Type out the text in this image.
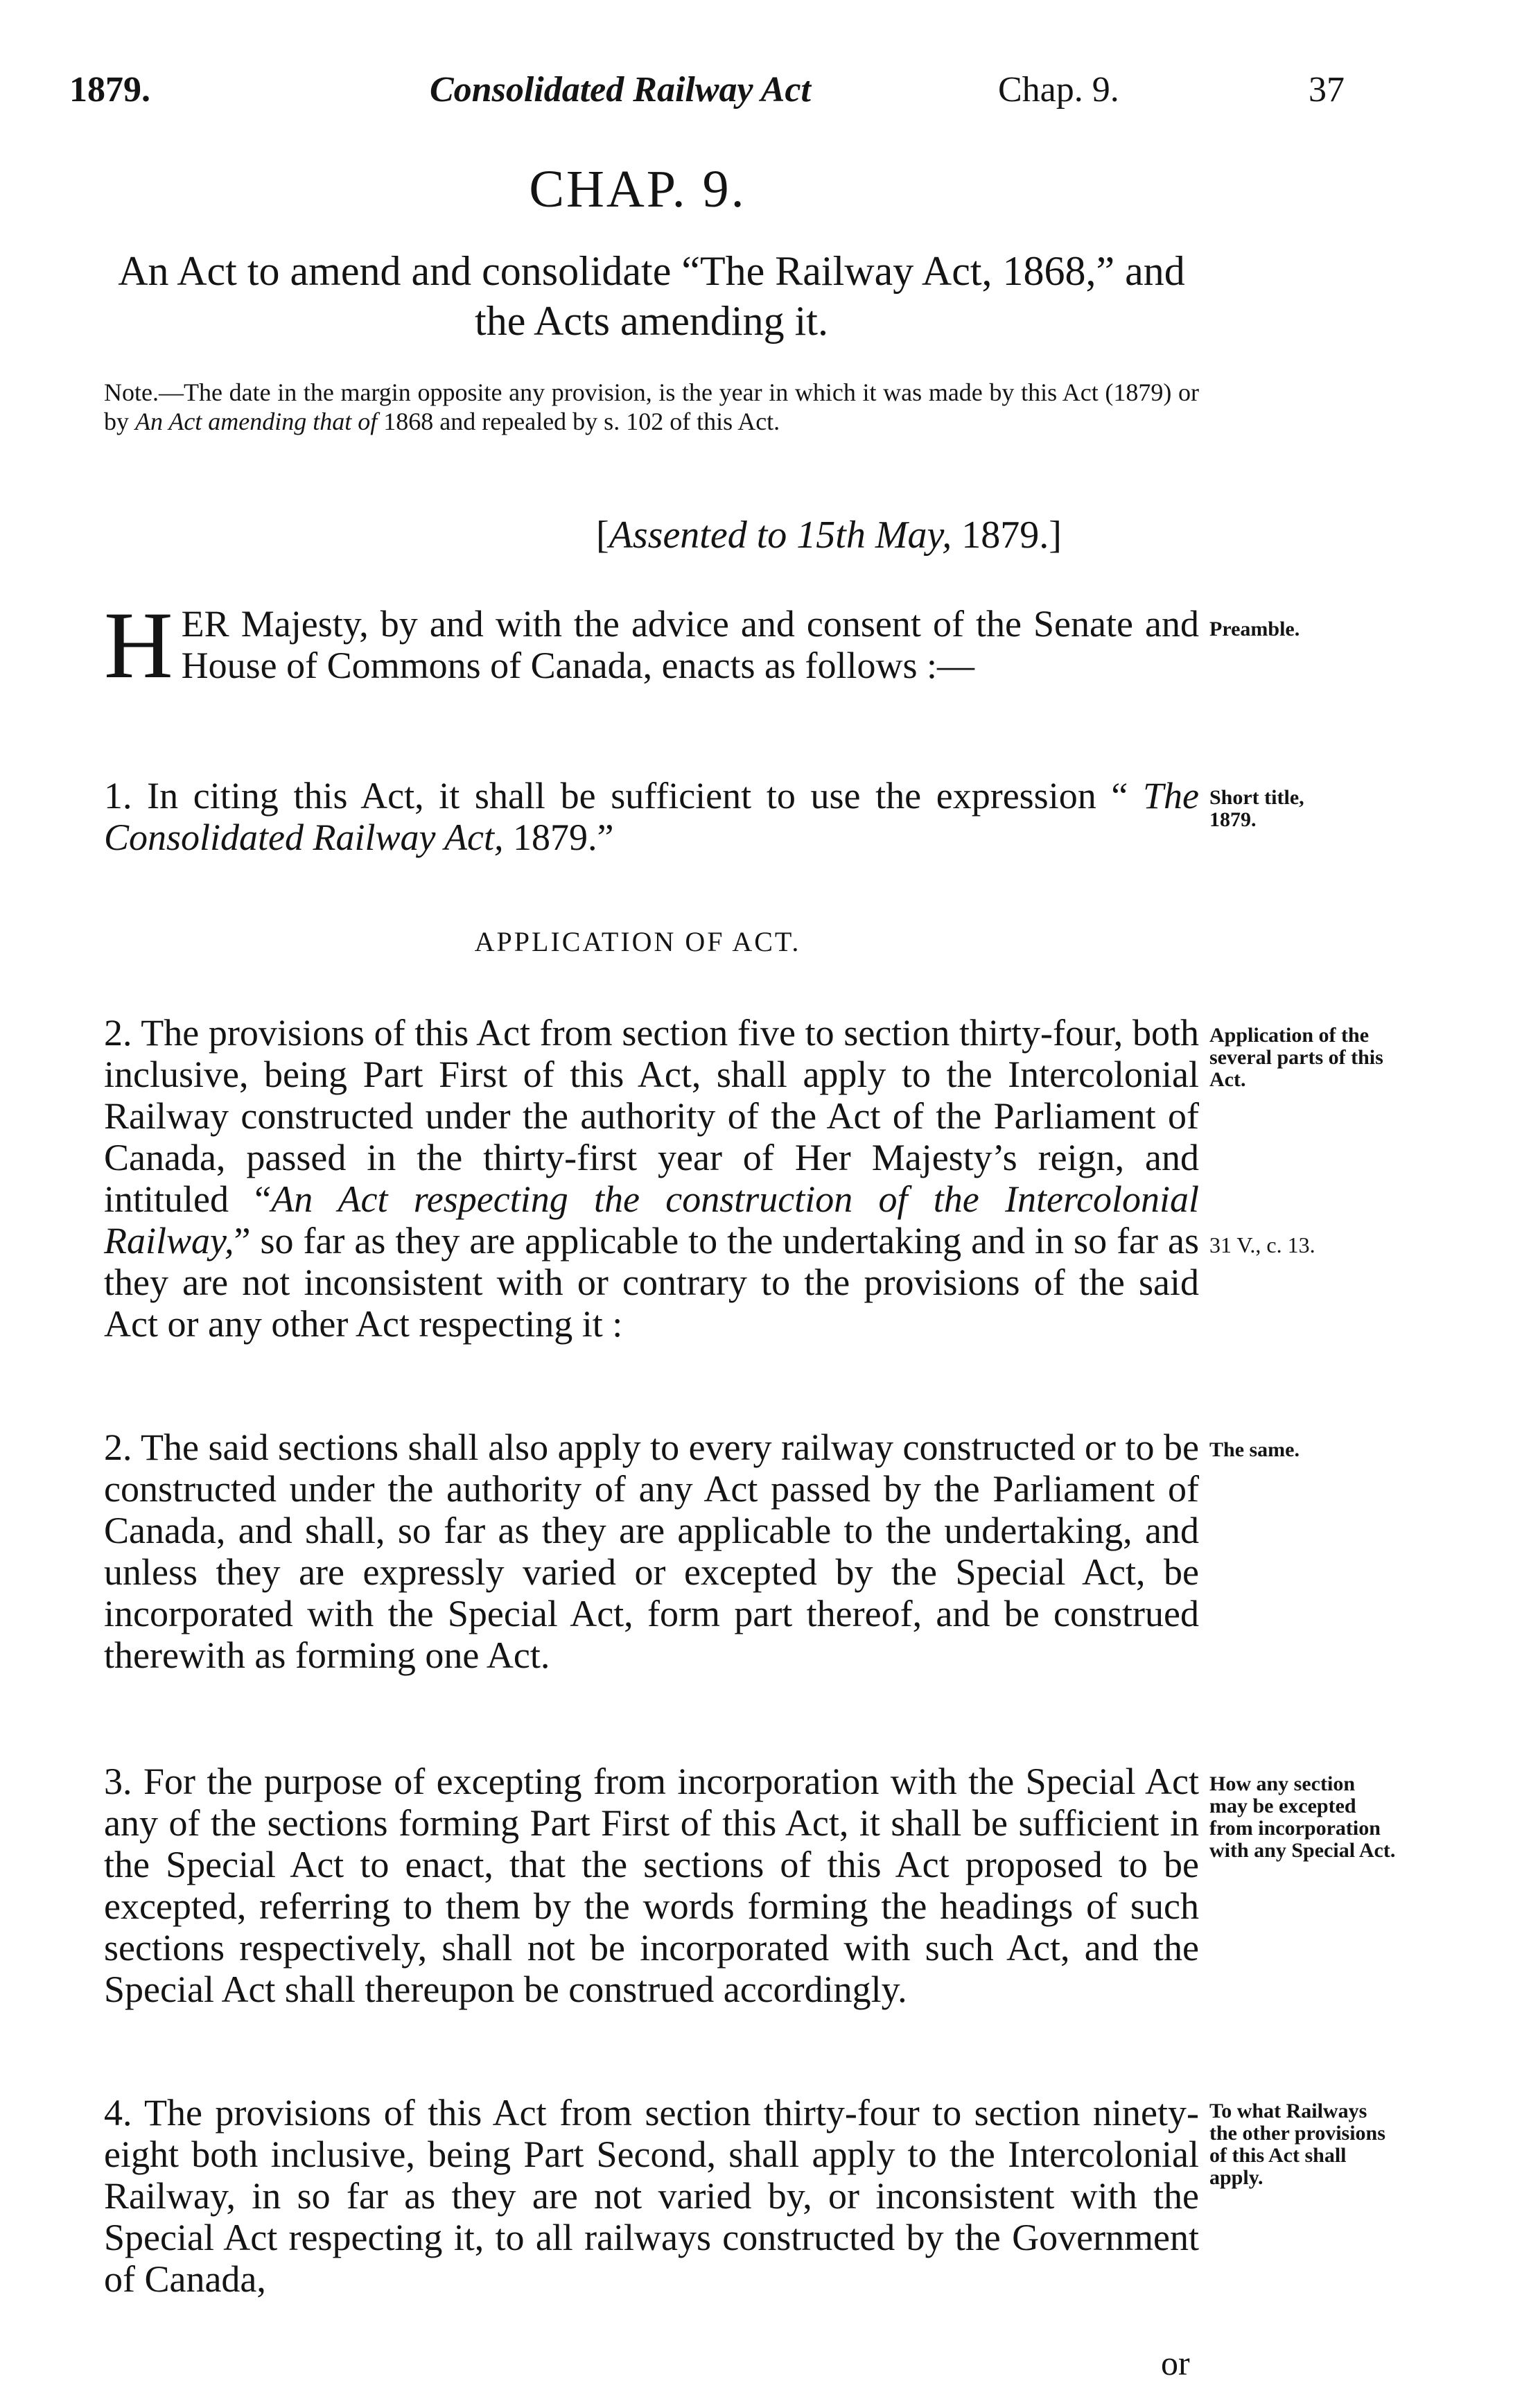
1879.	Consolidated Railway Act	Chap. 9.	37
CHAP. 9.
An Act to amend and consolidate “The Railway Act, 1868,” and the Acts amending it.
Note.—The date in the margin opposite any provision, is the year in which it was made by this Act (1879) or by An Act amending that of 1868 and repealed by s. 102 of this Act.
[Assented to 15th May, 1879.]
HER Majesty, by and with the advice and consent of the Senate and House of Commons of Canada, enacts as follows :—
Preamble.
1. In citing this Act, it shall be sufficient to use the expression “ The Consolidated Railway Act, 1879.”
Short title,
1879.
APPLICATION OF ACT.
2. The provisions of this Act from section five to section thirty-four, both inclusive, being Part First of this Act, shall apply to the Intercolonial Railway constructed under the authority of the Act of the Parliament of Canada, passed in the thirty-first year of Her Majesty’s reign, and intituled “An Act respecting the construction of the Intercolonial Railway,” so far as they are applicable to the undertaking and in so far as they are not inconsistent with or contrary to the provisions of the said Act or any other Act respecting it :
Application of the several parts of this Act.
31 V., c. 13.
2. The said sections shall also apply to every railway constructed or to be constructed under the authority of any Act passed by the Parliament of Canada, and shall, so far as they are applicable to the undertaking, and unless they are expressly varied or excepted by the Special Act, be incorporated with the Special Act, form part thereof, and be construed therewith as forming one Act.
The same.
3. For the purpose of excepting from incorporation with the Special Act any of the sections forming Part First of this Act, it shall be sufficient in the Special Act to enact, that the sections of this Act proposed to be excepted, referring to them by the words forming the headings of such sections respectively, shall not be incorporated with such Act, and the Special Act shall thereupon be construed accordingly.
How any section may be excepted from incorporation with any Special Act.
4. The provisions of this Act from section thirty-four to section ninety-eight both inclusive, being Part Second, shall apply to the Intercolonial Railway, in so far as they are not varied by, or inconsistent with the Special Act respecting it, to all railways constructed by the Government of Canada,
To what Railways the other provisions of this Act shall apply.
or
